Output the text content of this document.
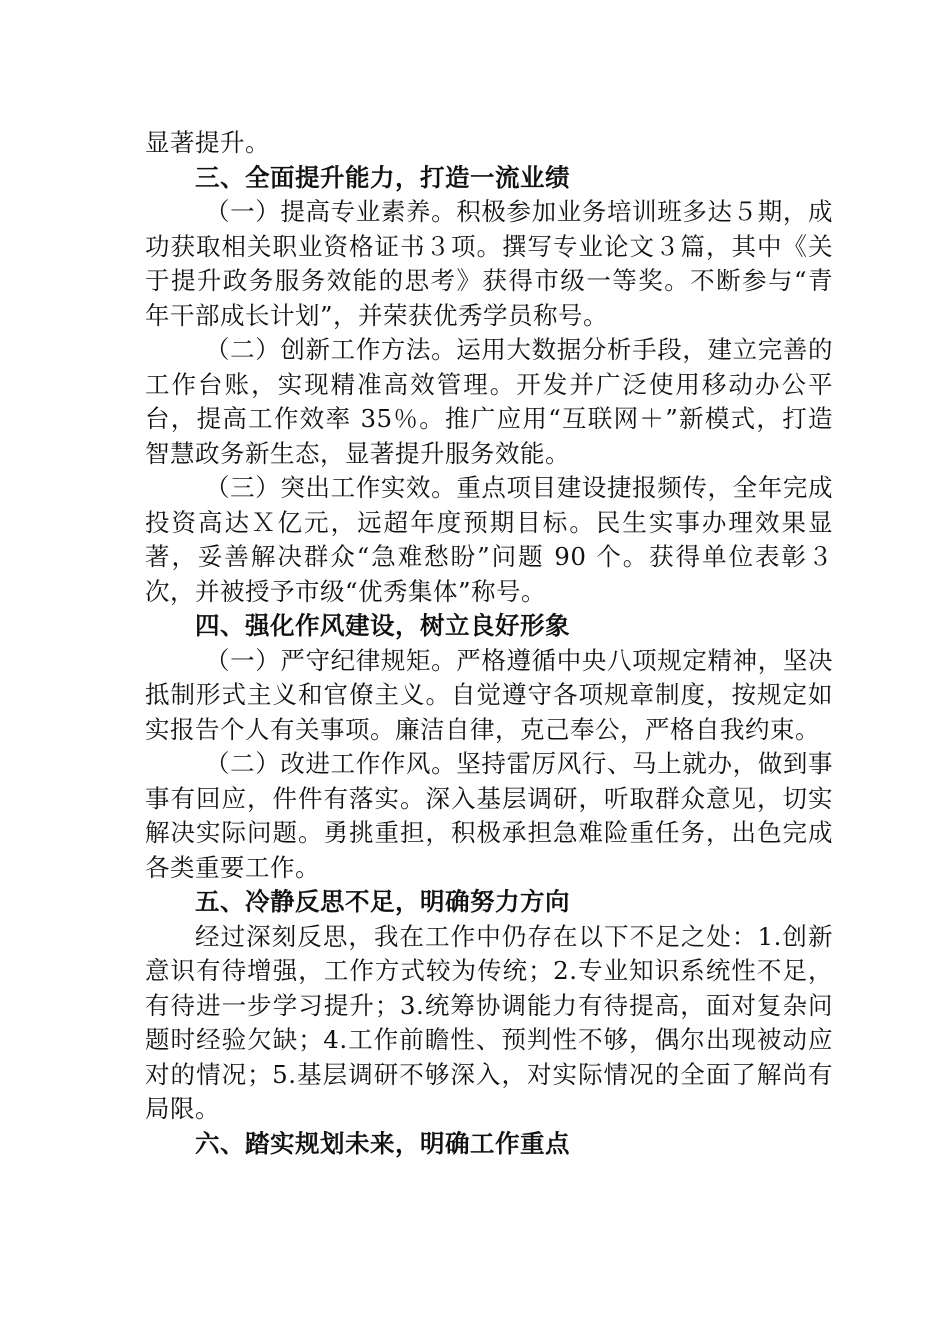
显著提升。

三、全面提升能力，打造一流业绩

（一）提高专业素养。积极参加业务培训班多达５期，成功获取相关职业资格证书３项。撰写专业论文３篇，其中《关于提升政务服务效能的思考》获得市级一等奖。不断参与“青年干部成长计划”，并荣获优秀学员称号。

（二）创新工作方法。运用大数据分析手段，建立完善的工作台账，实现精准高效管理。开发并广泛使用移动办公平台，提高工作效率 35％。推广应用“互联网＋”新模式，打造智慧政务新生态，显著提升服务效能。

（三）突出工作实效。重点项目建设捷报频传，全年完成投资高达Ｘ亿元，远超年度预期目标。民生实事办理效果显著，妥善解决群众“急难愁盼”问题 90 个。获得单位表彰３次，并被授予市级“优秀集体”称号。

四、强化作风建设，树立良好形象

（一）严守纪律规矩。严格遵循中央八项规定精神，坚决抵制形式主义和官僚主义。自觉遵守各项规章制度，按规定如实报告个人有关事项。廉洁自律，克己奉公，严格自我约束。

（二）改进工作作风。坚持雷厉风行、马上就办，做到事事有回应，件件有落实。深入基层调研，听取群众意见，切实解决实际问题。勇挑重担，积极承担急难险重任务，出色完成各类重要工作。

五、冷静反思不足，明确努力方向

经过深刻反思，我在工作中仍存在以下不足之处：1.创新意识有待增强，工作方式较为传统；2.专业知识系统性不足，有待进一步学习提升；3.统筹协调能力有待提高，面对复杂问题时经验欠缺；4.工作前瞻性、预判性不够，偶尔出现被动应对的情况；5.基层调研不够深入，对实际情况的全面了解尚有局限。

六、踏实规划未来，明确工作重点
